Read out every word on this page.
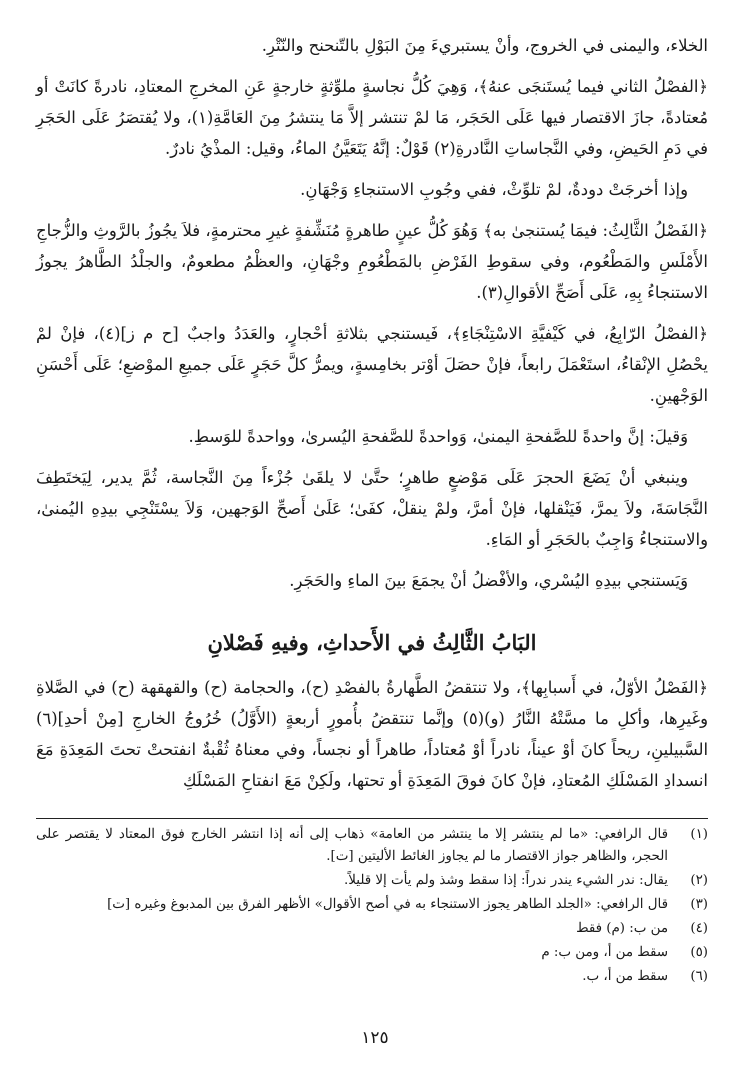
الخلاء، واليمنى في الخروج، وأنْ يستبريءَ مِنَ البَوْلِ بالتّنحنح والنّتْرِ.

﴿الفصْلُ الثاني فيما يُستَنجَى عنهُ﴾، وَهِيَ كُلُّ نجاسةٍ ملوِّثةٍ خارجةٍ عَنِ المخرجِ المعتادِ، نادرةً كانَتْ أو مُعتادةً، جازَ الاقتصار فيها عَلَى الحَجَر، مَا لمْ تنتشر إلاَّ مَا ينتشرُ مِنَ العَامَّةِ(١)، ولا يُقتصَرُ عَلَى الحَجَرِ في دَمِ الحَيضِ، وفي النَّجاساتِ النَّادرةِ(٢) قَوْلٌ: إنَّهُ يَتَعَيَّنُ الماءُ، وقيل: المذْيُ نادرٌ.

وإذا أخرجَتْ دودةٌ، لمْ تلوِّثْ، ففي وجُوبِ الاستنجاءِ وَجْهَانِ.

﴿الفَصْلُ الثَّالِثُ: فيمَا يُستنجىٰ به﴾ وَهُوَ كُلُّ عينٍ طاهرةٍ مُنَشِّفةٍ غيرِ محترمةٍ، فلاَ يجُوزُ بالرَّوثِ والزُّجاجِ الأَمْلَسِ والمَطْعُوم، وفي سقوطِ الفَرْضِ بالمَطْعُومِ وجْهَانِ، والعظْمُ مطعومٌ، والجلْدُ الطَّاهرُ يجوزُ الاستنجاءُ بِهِ، عَلَى أَصَحِّ الأقوالِ(٣).

﴿الفصْلُ الرّابِعُ، في كَيْفيَّةِ الاسْتِنْجَاءِ﴾، فَيستنجي بثلاثةِ أحْجارٍ، والعَدَدُ واجبٌ [ح م ز](٤)، فإنْ لمْ يحْصُلِ الإنْقاءُ، استَعْمَلَ رابعاً، فإنْ حصَلَ أوْتر بخامِسةٍ، ويمرُّ كلَّ حَجَرٍ عَلَى جميعِ الموْضعِ؛ عَلَى أَحْسَنِ الوَجْهينِ.

وَقيلَ: إنَّ واحدةً للصَّفحةِ اليمنىٰ، وَواحدةً للصَّفحةِ اليُسرىٰ، وواحدةً للوَسطِ.

وينبغي أنْ يَضَعَ الحجرَ عَلَى مَوْضعٍ طاهرٍ؛ حتَّىٰ لا يلقَىٰ جُزْءاً مِنَ النَّجاسة، ثُمَّ يدير، لِيَختَطِفَ النَّجَاسَةَ، ولاَ يمرَّ، فَيَنْقلها، فإنْ أمرَّ، ولمْ ينقلْ، كفَىٰ؛ عَلَىٰ أَصحِّ الوَجهين، وَلاَ يسْتَنْجِي بيدِهِ اليُمنىٰ، والاستنجاءُ وَاجِبٌ بالحَجَرِ أو المَاءِ.

وَيَستنجي بيدِهِ اليُسْري، والأفْضلُ أنْ يجمَعَ بينَ الماءِ والحَجَرِ.

البَابُ الثَّالِثُ في الأَحداثِ، وفيهِ فَصْلانِ

﴿الفَصْلُ الأوّلُ، في أَسبابِها﴾، ولا تنتقضُ الطَّهارةُ بالفصْدِ (ح)، والحجامة (ح) والقهقهة (ح) في الصَّلاةِ وغَيرِها، وأكلِ ما مسَّتْهُ النَّارُ (و)(٥) وإنَّما تنتقضُ بأُمورٍ أربعةٍ (الأَوَّلُ) خُرُوجُ الخارجِ [مِنْ أحدِ](٦) السَّبيلينِ، ريحاً كانَ أوْ عيناً، نادراً أوْ مُعتاداً، طاهراً أو نجساً، وفي معناهُ ثُقْبةٌ انفتحتْ تحتَ المَعِدَةِ مَعَ انسدادِ المَسْلَكِ المُعتادِ، فإنْ كانَ فوقَ المَعِدَةِ أو تحتها، ولَكِنْ مَعَ انفتاحِ المَسْلَكِ

(١)
قال الرافعي: «ما لم ينتشر إلا ما ينتشر من العامة» ذهاب إلى أنه إذا انتشر الخارج فوق المعتاد لا يقتصر على الحجر، والظاهر جواز الاقتصار ما لم يجاوز الغائط الأليتين [ت].
(٢)
يقال: ندر الشيء يندر ندراً: إذا سقط وشذ ولم يأت إلا قليلاً.
(٣)
قال الرافعي: «الجلد الطاهر يجوز الاستنجاء به في أصح الأقوال» الأظهر الفرق بين المدبوغ وغيره [ت]
(٤)
من ب: (م) فقط
(٥)
سقط من أ، ومن ب: م
(٦)
سقط من أ، ب.
١٢٥
